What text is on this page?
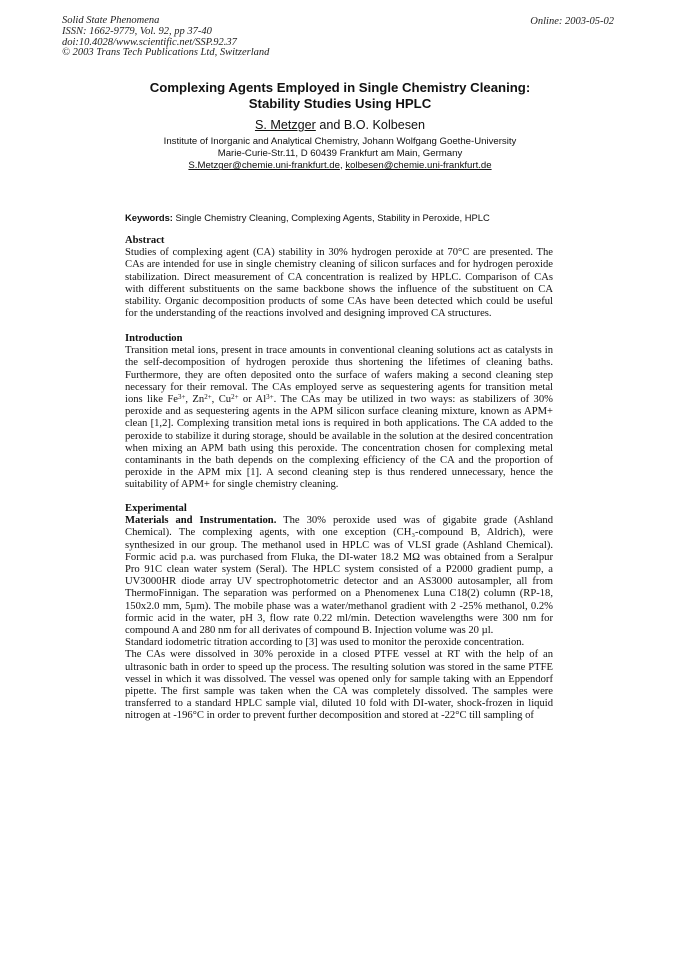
Solid State Phenomena
ISSN: 1662-9779, Vol. 92, pp 37-40
doi:10.4028/www.scientific.net/SSP.92.37
© 2003 Trans Tech Publications Ltd, Switzerland
Online: 2003-05-02
Complexing Agents Employed in Single Chemistry Cleaning:
Stability Studies Using HPLC
S. Metzger and B.O. Kolbesen
Institute of Inorganic and Analytical Chemistry, Johann Wolfgang Goethe-University
Marie-Curie-Str.11, D 60439 Frankfurt am Main, Germany
S.Metzger@chemie.uni-frankfurt.de, kolbesen@chemie.uni-frankfurt.de
Keywords: Single Chemistry Cleaning, Complexing Agents, Stability in Peroxide, HPLC
Abstract

Studies of complexing agent (CA) stability in 30% hydrogen peroxide at 70°C are presented. The CAs are intended for use in single chemistry cleaning of silicon surfaces and for hydrogen peroxide stabilization. Direct measurement of CA concentration is realized by HPLC. Comparison of CAs with different substituents on the same backbone shows the influence of the substituent on CA stability. Organic decomposition products of some CAs have been detected which could be useful for the understanding of the reactions involved and designing improved CA structures.

Introduction

Transition metal ions, present in trace amounts in conventional cleaning solutions act as catalysts in the self-decomposition of hydrogen peroxide thus shortening the lifetimes of cleaning baths. Furthermore, they are often deposited onto the surface of wafers making a second cleaning step necessary for their removal. The CAs employed serve as sequestering agents for transition metal ions like $Fe^{3+}$, $Zn^{2+}$, $Cu^{2+}$ or $Al^{3+}$. The CAs may be utilized in two ways: as stabilizers of 30% peroxide and as sequestering agents in the APM silicon surface cleaning mixture, known as APM+ clean [1,2]. Complexing transition metal ions is required in both applications. The CA added to the peroxide to stabilize it during storage, should be available in the solution at the desired concentration when mixing an APM bath using this peroxide. The concentration chosen for complexing metal contaminants in the bath depends on the complexing efficiency of the CA and the proportion of peroxide in the APM mix [1]. A second cleaning step is thus rendered unnecessary, hence the suitability of APM+ for single chemistry cleaning.

Experimental

Materials and Instrumentation. The 30% peroxide used was of gigabite grade (Ashland Chemical). The complexing agents, with one exception (CH₃-compound B, Aldrich), were synthesized in our group. The methanol used in HPLC was of VLSI grade (Ashland Chemical). Formic acid p.a. was purchased from Fluka, the DI-water 18.2 MΩ was obtained from a Seralpur Pro 91C clean water system (Seral). The HPLC system consisted of a P2000 gradient pump, a UV3000HR diode array UV spectrophotometric detector and an AS3000 autosampler, all from ThermoFinnigan. The separation was performed on a Phenomenex Luna C18(2) column (RP-18, 150x2.0 mm, 5µm). The mobile phase was a water/methanol gradient with 2 -25% methanol, 0.2% formic acid in the water, pH 3, flow rate 0.22 ml/min. Detection wavelengths were 300 nm for compound A and 280 nm for all derivates of compound B. Injection volume was 20 µl.

Standard iodometric titration according to [3] was used to monitor the peroxide concentration.

The CAs were dissolved in 30% peroxide in a closed PTFE vessel at RT with the help of an ultrasonic bath in order to speed up the process. The resulting solution was stored in the same PTFE vessel in which it was dissolved. The vessel was opened only for sample taking with an Eppendorf pipette. The first sample was taken when the CA was completely dissolved. The samples were transferred to a standard HPLC sample vial, diluted 10 fold with DI-water, shock-frozen in liquid nitrogen at -196°C in order to prevent further decomposition and stored at -22°C till sampling of
